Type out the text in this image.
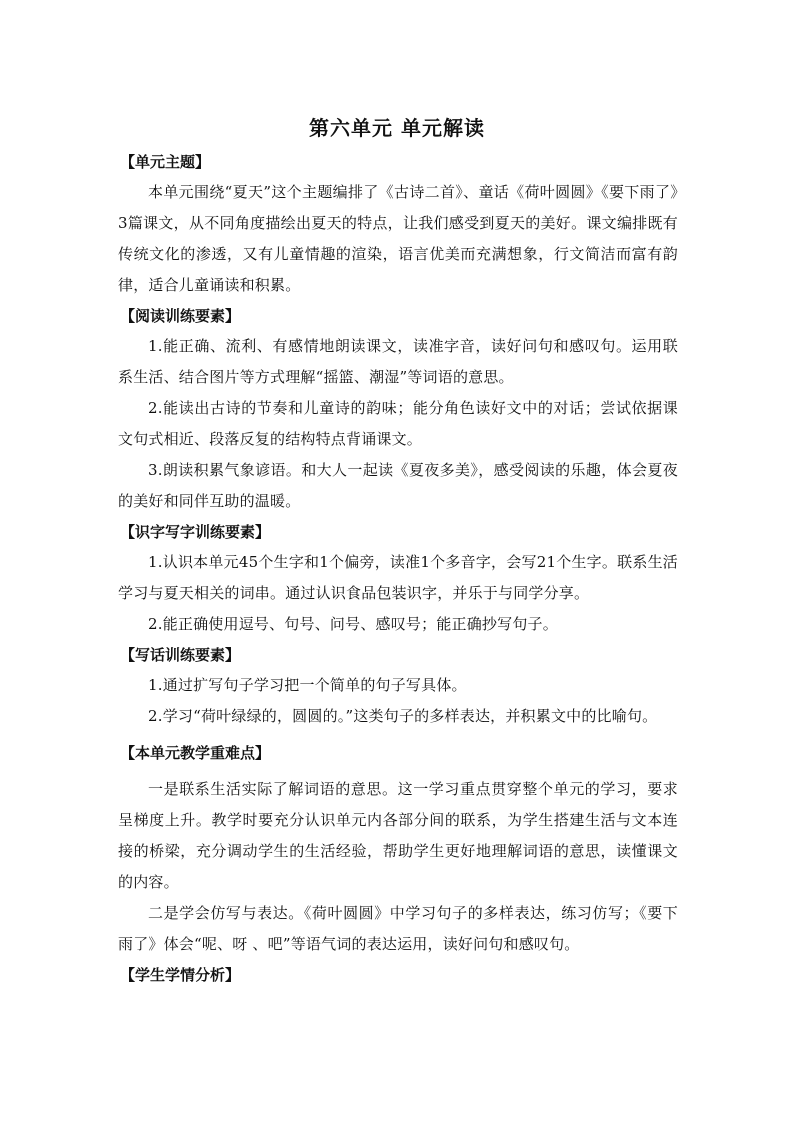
第六单元 单元解读
【单元主题】

本单元围绕“夏天”这个主题编排了《古诗二首》、童话《荷叶圆圆》《要下雨了》3篇课文，从不同角度描绘出夏天的特点，让我们感受到夏天的美好。课文编排既有传统文化的渗透，又有儿童情趣的渲染，语言优美而充满想象，行文简洁而富有韵律，适合儿童诵读和积累。

【阅读训练要素】

1.能正确、流利、有感情地朗读课文，读准字音，读好问句和感叹句。运用联系生活、结合图片等方式理解“摇篮、潮湿”等词语的意思。

2.能读出古诗的节奏和儿童诗的韵味；能分角色读好文中的对话；尝试依据课文句式相近、段落反复的结构特点背诵课文。

3.朗读积累气象谚语。和大人一起读《夏夜多美》，感受阅读的乐趣，体会夏夜的美好和同伴互助的温暖。

【识字写字训练要素】

1.认识本单元45个生字和1个偏旁，读准1个多音字，会写21个生字。联系生活学习与夏天相关的词串。通过认识食品包装识字，并乐于与同学分享。

2.能正确使用逗号、句号、问号、感叹号；能正确抄写句子。

【写话训练要素】

1.通过扩写句子学习把一个简单的句子写具体。

2.学习“荷叶绿绿的，圆圆的。”这类句子的多样表达，并积累文中的比喻句。

【本单元教学重难点】

一是联系生活实际了解词语的意思。这一学习重点贯穿整个单元的学习，要求呈梯度上升。教学时要充分认识单元内各部分间的联系，为学生搭建生活与文本连接的桥梁，充分调动学生的生活经验，帮助学生更好地理解词语的意思，读懂课文的内容。

二是学会仿写与表达。《荷叶圆圆》中学习句子的多样表达，练习仿写；《要下雨了》体会“呢、呀 、吧”等语气词的表达运用，读好问句和感叹句。

【学生学情分析】
